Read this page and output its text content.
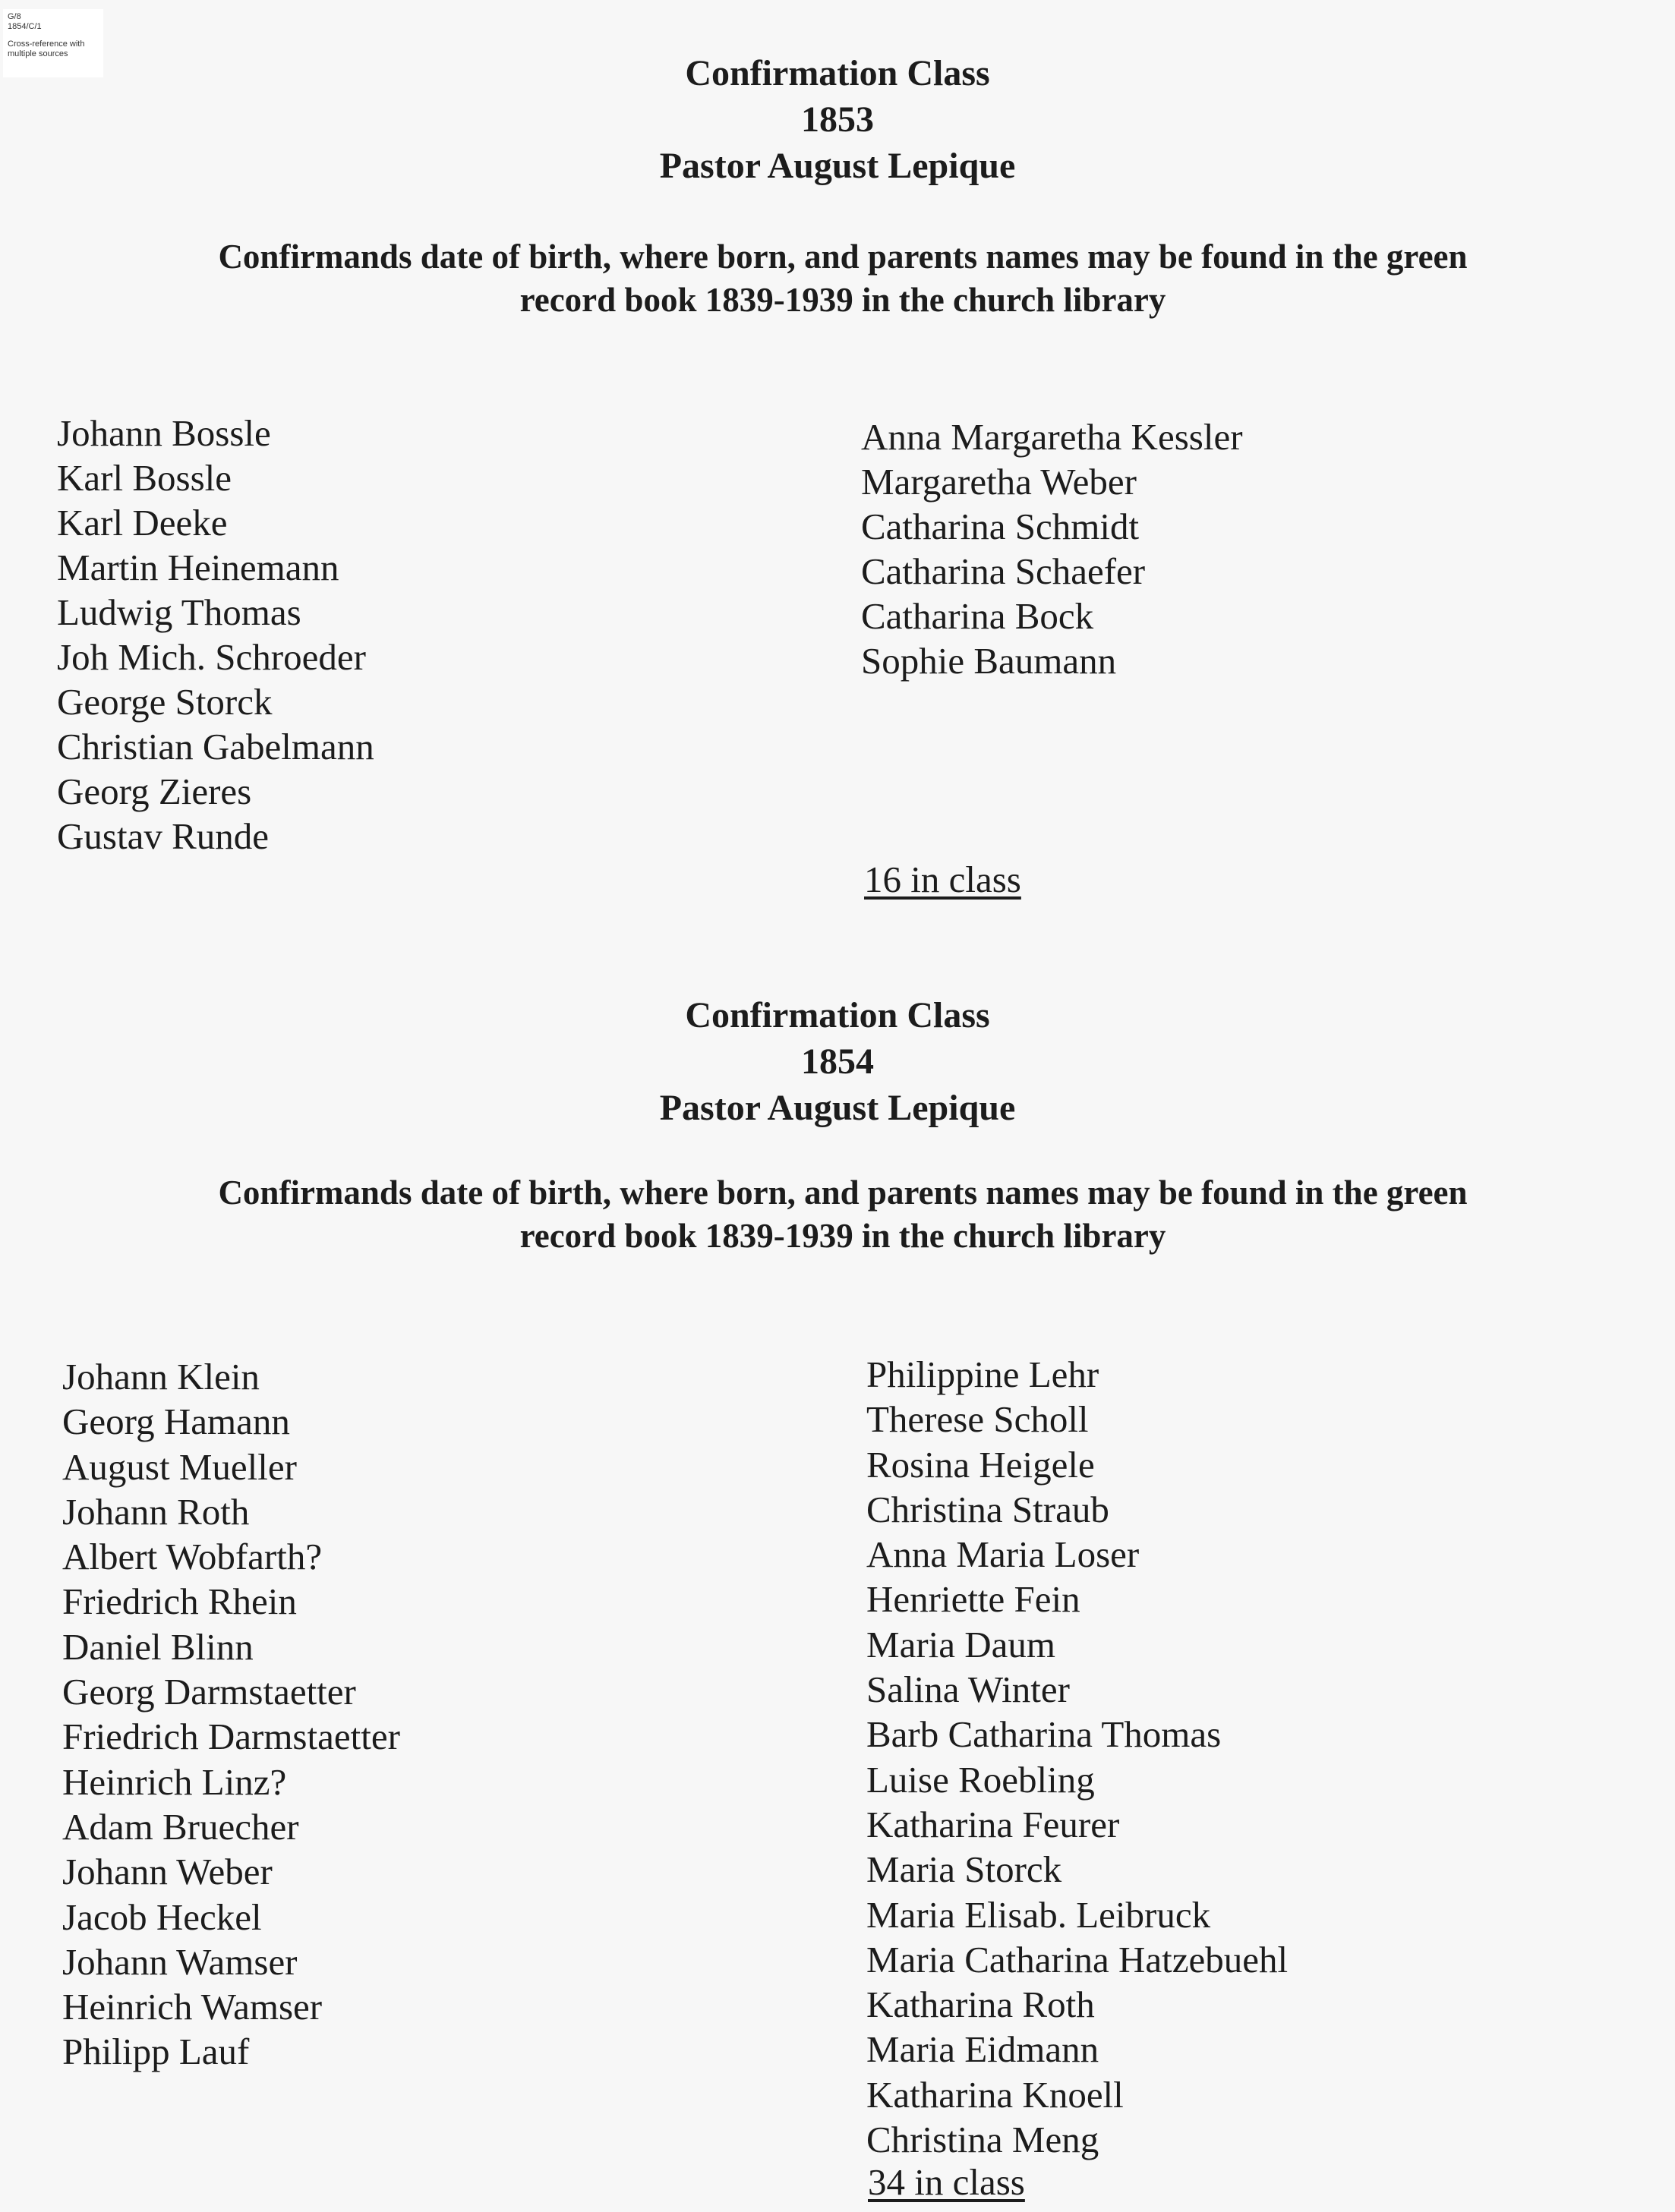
G/8
1854/C/1
Cross-reference with
multiple sources	Confirmation Class
1853
Pastor August Lepique
Confirmands date of birth, where born, and parents names may be found in the green
record book 1839-1939 in the church library
Johann Bossle
Karl Bossle
Karl Deeke
Martin Heinemann
Ludwig Thomas
Joh Mich. Schroeder
George Storck
Christian Gabelmann
Georg Zieres
Gustav Runde
Anna Margaretha Kessler
Margaretha Weber
Catharina Schmidt
Catharina Schaefer
Catharina Bock
Sophie Baumann
16 in class
Confirmation Class
1854
Pastor August Lepique
Confirmands date of birth, where born, and parents names may be found in the green
record book 1839-1939 in the church library
Johann Klein
Georg Hamann
August Mueller
Johann Roth
Albert Wobfarth?
Friedrich Rhein
Daniel Blinn
Georg Darmstaetter
Friedrich Darmstaetter
Heinrich Linz?
Adam Bruecher
Johann Weber
Jacob Heckel
Johann Wamser
Heinrich Wamser
Philipp Lauf
Philippine Lehr
Therese Scholl
Rosina Heigele
Christina Straub
Anna Maria Loser
Henriette Fein
Maria Daum
Salina Winter
Barb Catharina Thomas
Luise Roebling
Katharina Feurer
Maria Storck
Maria Elisab. Leibruck
Maria Catharina Hatzebuehl
Katharina Roth
Maria Eidmann
Katharina Knoell
Christina Meng
34 in class
